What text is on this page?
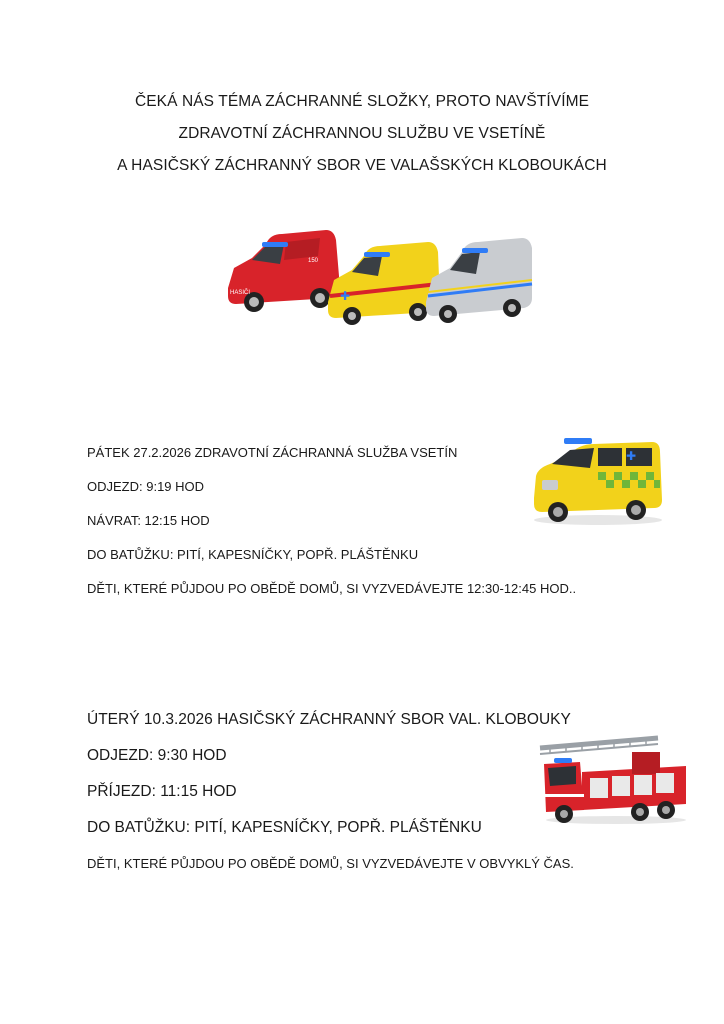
ČEKÁ NÁS TÉMA ZÁCHRANNÉ SLOŽKY, PROTO NAVŠTÍVÍME
ZDRAVOTNÍ ZÁCHRANNOU SLUŽBU VE VSETÍNĚ
A HASIČSKÝ ZÁCHRANNÝ SBOR VE VALAŠSKÝCH KLOBOUKÁCH
HASIČI
150
✚
PÁTEK 27.2.2026 ZDRAVOTNÍ ZÁCHRANNÁ SLUŽBA VSETÍN
ODJEZD: 9:19 HOD
NÁVRAT: 12:15 HOD
DO BATŮŽKU: PITÍ, KAPESNÍČKY, POPŘ. PLÁŠTĚNKU
DĚTI, KTERÉ PŮJDOU PO OBĚDĚ DOMŮ, SI VYZVEDÁVEJTE 12:30-12:45 HOD..
✚
ÚTERÝ 10.3.2026 HASIČSKÝ ZÁCHRANNÝ SBOR VAL. KLOBOUKY
ODJEZD: 9:30 HOD
PŘÍJEZD: 11:15 HOD
DO BATŮŽKU: PITÍ, KAPESNÍČKY, POPŘ. PLÁŠTĚNKU
DĚTI, KTERÉ PŮJDOU PO OBĚDĚ DOMŮ, SI VYZVEDÁVEJTE V OBVYKLÝ ČAS.
